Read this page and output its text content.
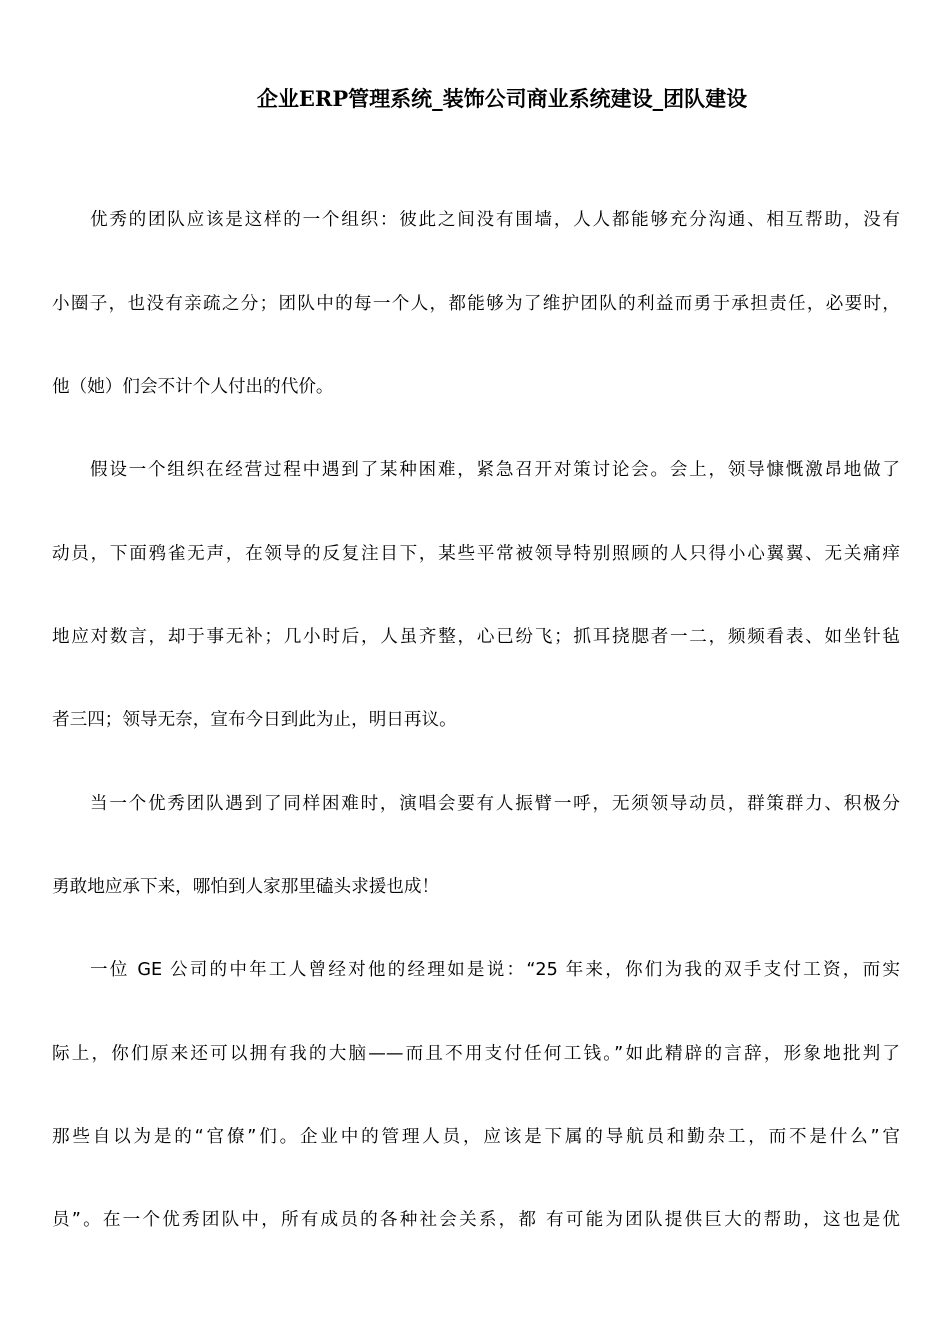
企业ERP管理系统_装饰公司商业系统建设_团队建设
优秀的团队应该是这样的一个组织：彼此之间没有围墙，人人都能够充分沟通、相互帮助，没有
小圈子，也没有亲疏之分；团队中的每一个人，都能够为了维护团队的利益而勇于承担责任，必要时，
他（她）们会不计个人付出的代价。
假设一个组织在经营过程中遇到了某种困难，紧急召开对策讨论会。会上，领导慷慨激昂地做了
动员，下面鸦雀无声，在领导的反复注目下，某些平常被领导特别照顾的人只得小心翼翼、无关痛痒
地应对数言，却于事无补；几小时后，人虽齐整，心已纷飞；抓耳挠腮者一二，频频看表、如坐针毡
者三四；领导无奈，宣布今日到此为止，明日再议。
当一个优秀团队遇到了同样困难时，演唱会要有人振臂一呼，无须领导动员，群策群力、积极分
勇敢地应承下来，哪怕到人家那里磕头求援也成！
一位 GE 公司的中年工人曾经对他的经理如是说：“25 年来，你们为我的双手支付工资，而实
际上，你们原来还可以拥有我的大脑——而且不用支付任何工钱。”如此精辟的言辞，形象地批判了
那些自以为是的“官僚”们。企业中的管理人员，应该是下属的导航员和勤杂工，而不是什么”官
员”。在一个优秀团队中，所有成员的各种社会关系，都 有可能为团队提供巨大的帮助，这也是优
